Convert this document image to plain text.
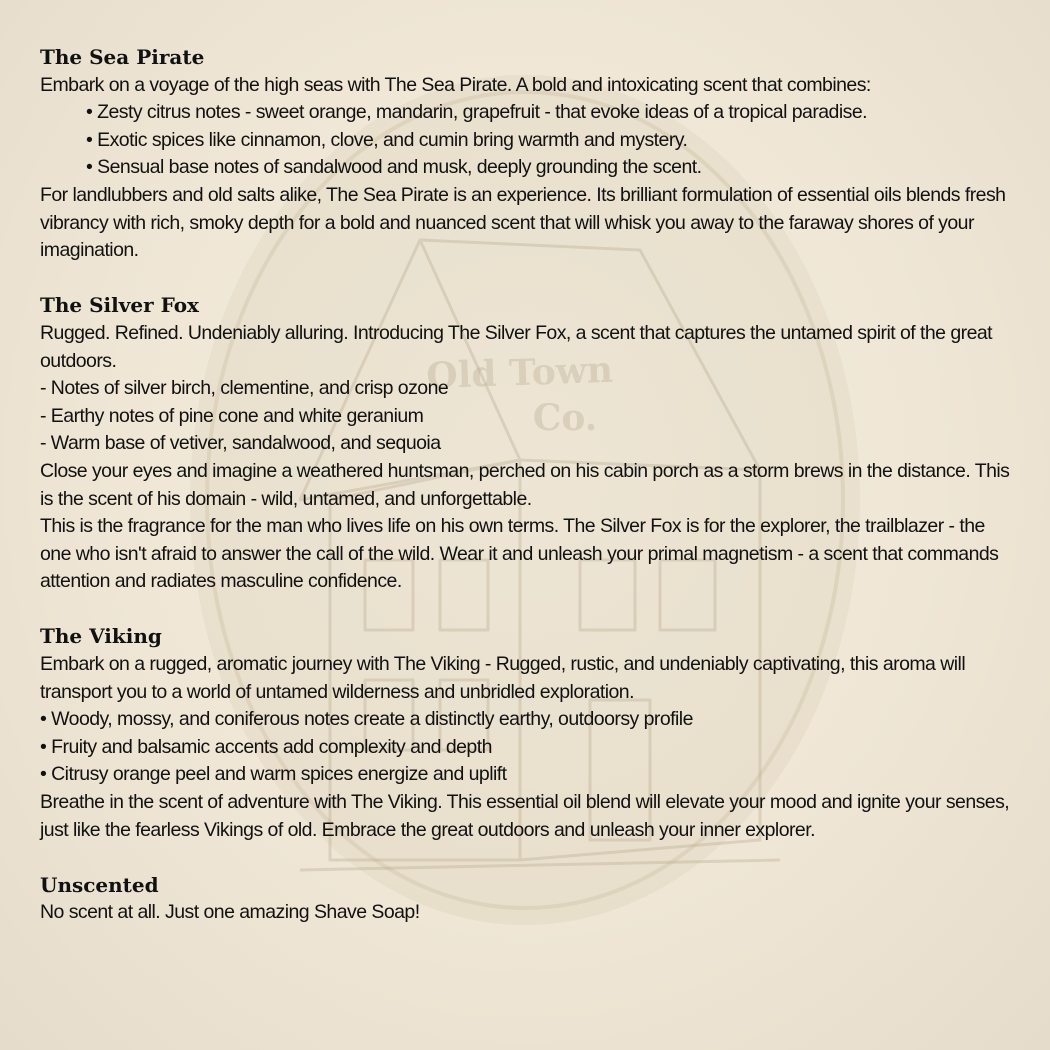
Old Town
Co.
The Sea Pirate

Embark on a voyage of the high seas with The Sea Pirate. A bold and intoxicating scent that combines:

• Zesty citrus notes - sweet orange, mandarin, grapefruit - that evoke ideas of a tropical paradise.

• Exotic spices like cinnamon, clove, and cumin bring warmth and mystery.

• Sensual base notes of sandalwood and musk, deeply grounding the scent.

For landlubbers and old salts alike, The Sea Pirate is an experience. Its brilliant formulation of essential oils blends fresh vibrancy with rich, smoky depth for a bold and nuanced scent that will whisk you away to the faraway shores of your imagination.

The Silver Fox

Rugged. Refined. Undeniably alluring. Introducing The Silver Fox, a scent that captures the untamed spirit of the great outdoors.

- Notes of silver birch, clementine, and crisp ozone

- Earthy notes of pine cone and white geranium

- Warm base of vetiver, sandalwood, and sequoia

Close your eyes and imagine a weathered huntsman, perched on his cabin porch as a storm brews in the distance. This is the scent of his domain - wild, untamed, and unforgettable.

This is the fragrance for the man who lives life on his own terms. The Silver Fox is for the explorer, the trailblazer - the one who isn't afraid to answer the call of the wild. Wear it and unleash your primal magnetism - a scent that commands attention and radiates masculine confidence.

The Viking

Embark on a rugged, aromatic journey with The Viking - Rugged, rustic, and undeniably captivating, this aroma will transport you to a world of untamed wilderness and unbridled exploration.

• Woody, mossy, and coniferous notes create a distinctly earthy, outdoorsy profile

• Fruity and balsamic accents add complexity and depth

• Citrusy orange peel and warm spices energize and uplift

Breathe in the scent of adventure with The Viking. This essential oil blend will elevate your mood and ignite your senses, just like the fearless Vikings of old. Embrace the great outdoors and unleash your inner explorer.

Unscented

No scent at all. Just one amazing Shave Soap!
